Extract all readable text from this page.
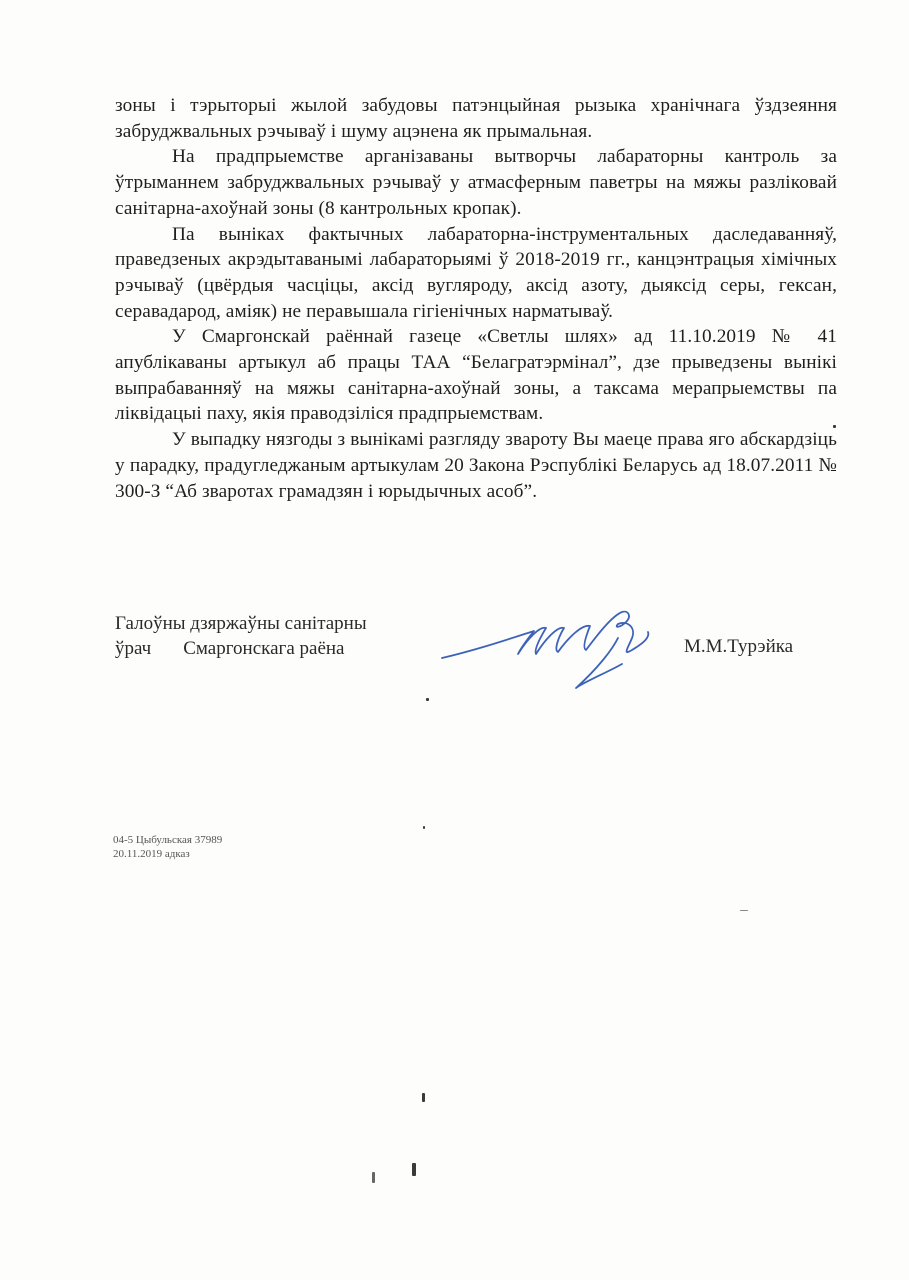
зоны і тэрыторыі жылой забудовы патэнцыйная рызыка хранічнага ўздзеяння забруджвальных рэчываў і шуму ацэнена як прымальная.

На прадпрыемстве арганізаваны вытворчы лабараторны кантроль за ўтрыманнем забруджвальных рэчываў у атмасферным паветры на мяжы разліковай санітарна-ахоўнай зоны (8 кантрольных кропак).

Па выніках фактычных лабараторна-інструментальных даследаванняў, праведзеных акрэдытаванымі лабараторыямі ў 2018-2019 гг., канцэнтрацыя хімічных рэчываў (цвёрдыя часціцы, аксід вугляроду, аксід азоту, дыяксід серы, гексан, серавадарод, аміяк) не перавышала гігіенічных нарматываў.

У Смаргонскай раённай газеце «Светлы шлях» ад 11.10.2019 № 41 апублікаваны артыкул аб працы ТАА “Белагратэрмінал”, дзе прыведзены вынікі выпрабаванняў на мяжы санітарна-ахоўнай зоны, а таксама мерапрыемствы па ліквідацыі паху, якія праводзіліся прадпрыемствам.

У выпадку нязгоды з вынікамі разгляду звароту Вы маеце права яго абскардзіць у парадку, прадугледжаным артыкулам 20 Закона Рэспублікі Беларусь ад 18.07.2011 № 300-З “Аб зваротах грамадзян і юрыдычных асоб”.

Галоўны дзяржаўны санітарны
ўрач Смаргонскага раёна	М.М.Турэйка
04-5 Цыбульская 37989
20.11.2019 адказ
